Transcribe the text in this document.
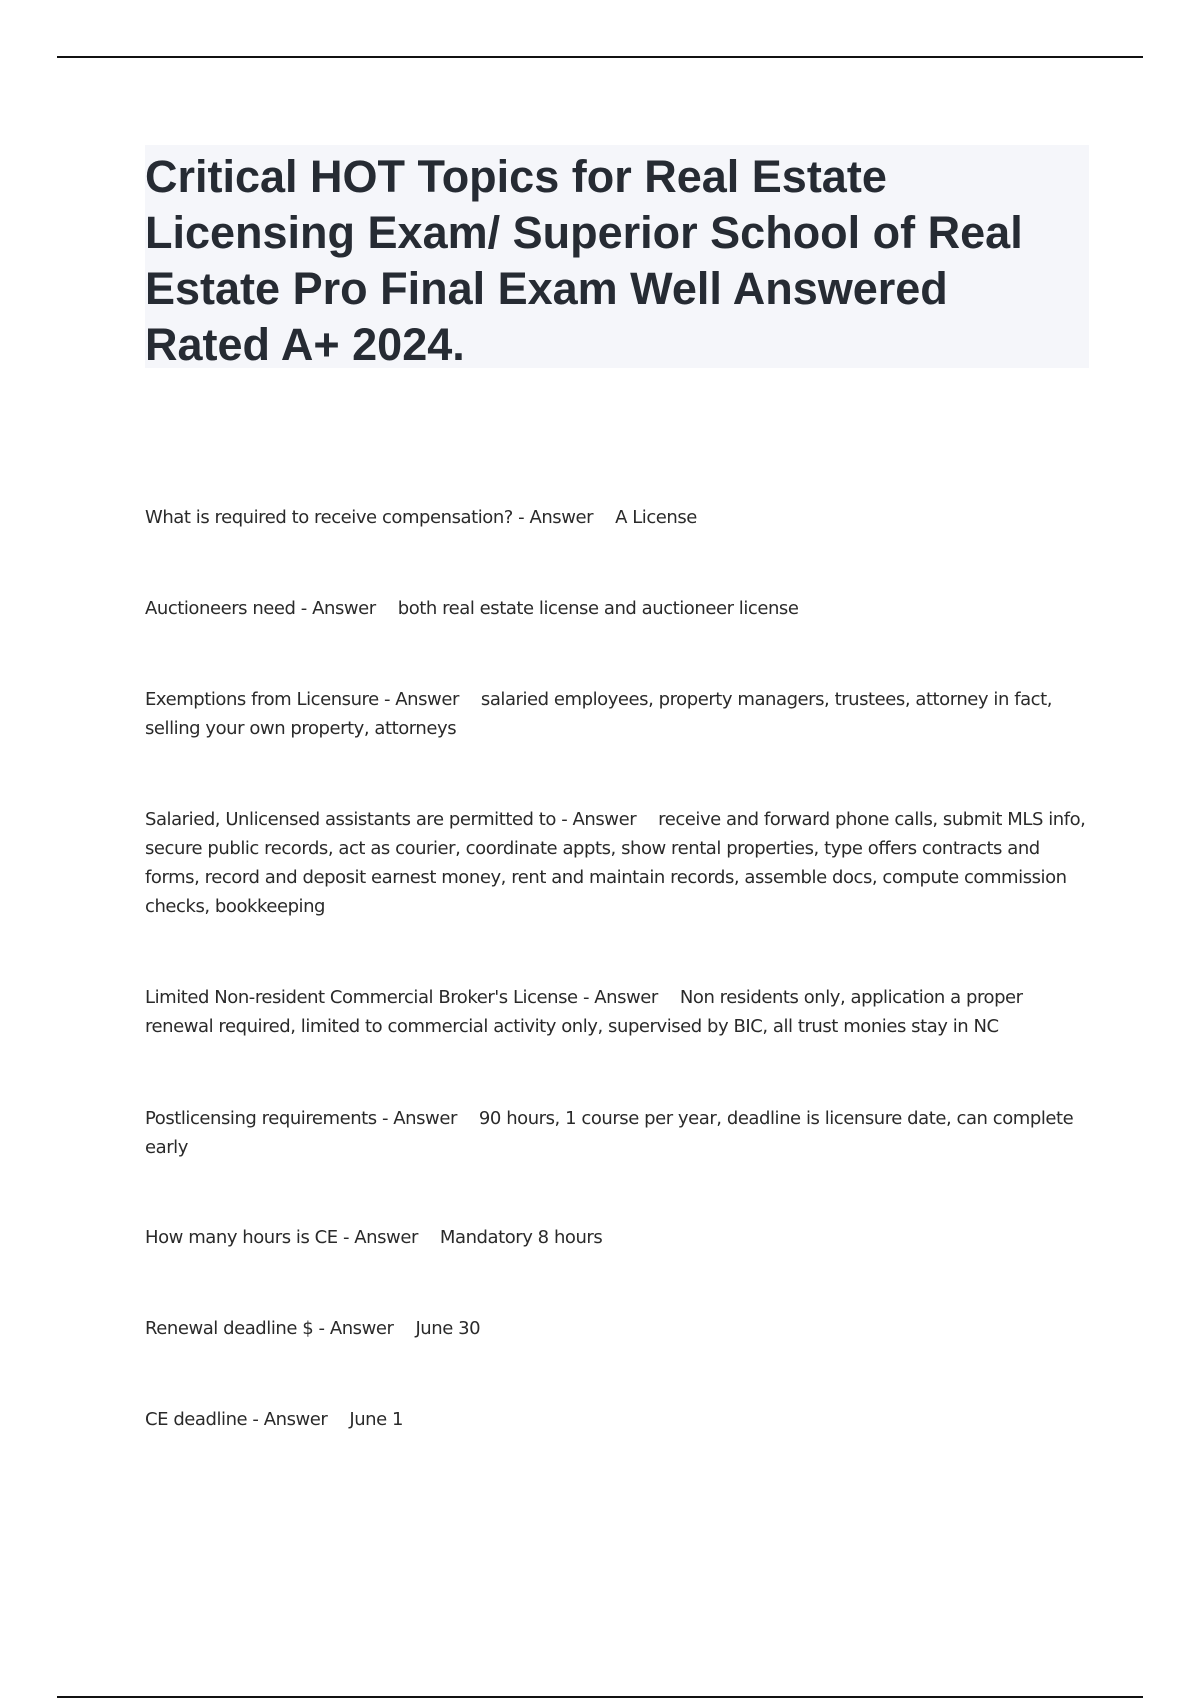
Critical HOT Topics for Real Estate Licensing Exam/ Superior School of Real Estate Pro Final Exam Well Answered Rated A+ 2024.
What is required to receive compensation? - Answer A License
Auctioneers need - Answer both real estate license and auctioneer license
Exemptions from Licensure - Answer salaried employees, property managers, trustees, attorney in fact, selling your own property, attorneys
Salaried, Unlicensed assistants are permitted to - Answer receive and forward phone calls, submit MLS info, secure public records, act as courier, coordinate appts, show rental properties, type offers contracts and forms, record and deposit earnest money, rent and maintain records, assemble docs, compute commission checks, bookkeeping
Limited Non-resident Commercial Broker's License - Answer Non residents only, application a proper renewal required, limited to commercial activity only, supervised by BIC, all trust monies stay in NC
Postlicensing requirements - Answer 90 hours, 1 course per year, deadline is licensure date, can complete early
How many hours is CE - Answer Mandatory 8 hours
Renewal deadline $ - Answer June 30
CE deadline - Answer June 1
